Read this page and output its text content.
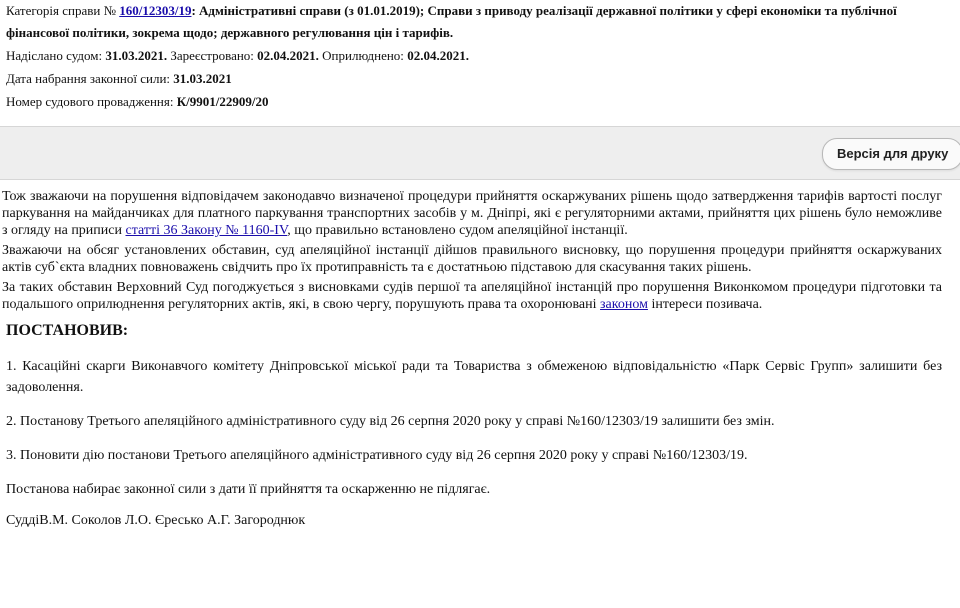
Категорія справи № 160/12303/19: Адміністративні справи (з 01.01.2019); Справи з приводу реалізації державної політики у сфері економіки та публічної фінансової політики, зокрема щодо; державного регулювання цін і тарифів.
Надіслано судом: 31.03.2021. Зареєстровано: 02.04.2021. Оприлюднено: 02.04.2021.
Дата набрання законної сили: 31.03.2021
Номер судового провадження: К/9901/22909/20
Версія для друку

Тож зважаючи на порушення відповідачем законодавчо визначеної процедури прийняття оскаржуваних рішень щодо затвердження тарифів вартості послуг паркування на майданчиках для платного паркування транспортних засобів у м. Дніпрі, які є регуляторними актами, прийняття цих рішень було неможливе з огляду на приписи статті 36 Закону № 1160-IV, що правильно встановлено судом апеляційної інстанції.

Зважаючи на обсяг установлених обставин, суд апеляційної інстанції дійшов правильного висновку, що порушення процедури прийняття оскаржуваних актів суб`єкта владних повноважень свідчить про їх протиправність та є достатньою підставою для скасування таких рішень.

За таких обставин Верховний Суд погоджується з висновками судів першої та апеляційної інстанцій про порушення Виконкомом процедури підготовки та подальшого оприлюднення регуляторних актів, які, в свою чергу, порушують права та охоронювані законом інтереси позивача.

ПОСТАНОВИВ:
1. Касаційні скарги Виконавчого комітету Дніпровської міської ради та Товариства з обмеженою відповідальністю «Парк Сервіс Групп» залишити без задоволення.
2. Постанову Третього апеляційного адміністративного суду від 26 серпня 2020 року у справі №160/12303/19 залишити без змін.
3. Поновити дію постанови Третього апеляційного адміністративного суду від 26 серпня 2020 року у справі №160/12303/19.
Постанова набирає законної сили з дати її прийняття та оскарженню не підлягає.
СуддіВ.М. Соколов Л.О. Єресько А.Г. Загороднюк
